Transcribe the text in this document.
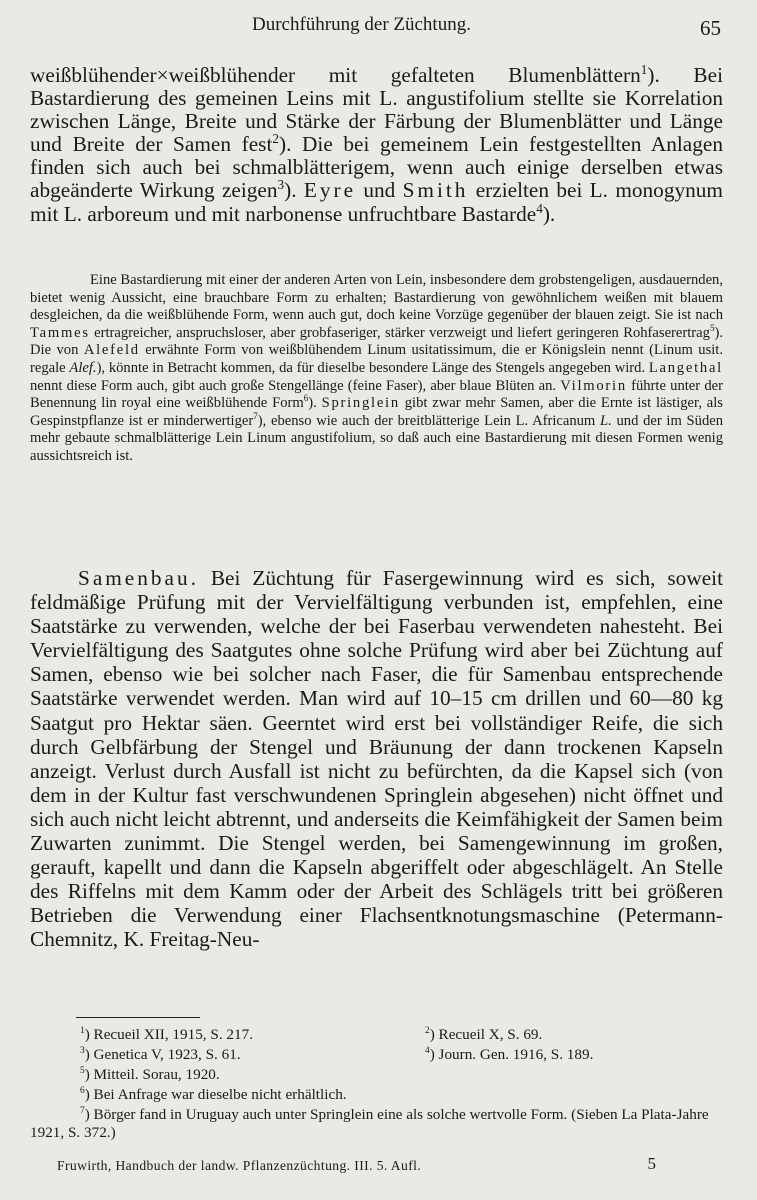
Durchführung der Züchtung.	65

weißblühender×weißblühender mit gefalteten Blumenblättern$^1$). Bei Bastardierung des gemeinen Leins mit L. angustifolium stellte sie Korrelation zwischen Länge, Breite und Stärke der Färbung der Blumenblätter und Länge und Breite der Samen fest$^2$). Die bei gemeinem Lein festgestellten Anlagen finden sich auch bei schmalblätterigem, wenn auch einige derselben etwas abgeänderte Wirkung zeigen$^3$). Eyre und Smith erzielten bei L. monogynum mit L. arboreum und mit narbonense unfruchtbare Bastarde$^4$).

Eine Bastardierung mit einer der anderen Arten von Lein, insbesondere dem grobstengeligen, ausdauernden, bietet wenig Aussicht, eine brauchbare Form zu erhalten; Bastardierung von gewöhnlichem weißen mit blauem desgleichen, da die weißblühende Form, wenn auch gut, doch keine Vorzüge gegenüber der blauen zeigt. Sie ist nach Tammes ertragreicher, anspruchsloser, aber grobfaseriger, stärker verzweigt und liefert geringeren Rohfaserertrag$^5$). Die von Alefeld erwähnte Form von weißblühendem Linum usitatissimum, die er Königslein nennt (Linum usit. regale Alef.), könnte in Betracht kommen, da für dieselbe besondere Länge des Stengels angegeben wird. Langethal nennt diese Form auch, gibt auch große Stengellänge (feine Faser), aber blaue Blüten an. Vilmorin führte unter der Benennung lin royal eine weißblühende Form$^6$). Springlein gibt zwar mehr Samen, aber die Ernte ist lästiger, als Gespinstpflanze ist er minderwertiger$^7$), ebenso wie auch der breitblätterige Lein L. Africanum L. und der im Süden mehr gebaute schmalblätterige Lein Linum angustifolium, so daß auch eine Bastardierung mit diesen Formen wenig aussichtsreich ist.

Samenbau. Bei Züchtung für Fasergewinnung wird es sich, soweit feldmäßige Prüfung mit der Vervielfältigung verbunden ist, empfehlen, eine Saatstärke zu verwenden, welche der bei Faserbau verwendeten nahesteht. Bei Vervielfältigung des Saatgutes ohne solche Prüfung wird aber bei Züchtung auf Samen, ebenso wie bei solcher nach Faser, die für Samenbau entsprechende Saatstärke verwendet werden. Man wird auf 10–15 cm drillen und 60—80 kg Saatgut pro Hektar säen. Geerntet wird erst bei vollständiger Reife, die sich durch Gelbfärbung der Stengel und Bräunung der dann trockenen Kapseln anzeigt. Verlust durch Ausfall ist nicht zu befürchten, da die Kapsel sich (von dem in der Kultur fast verschwundenen Springlein abgesehen) nicht öffnet und sich auch nicht leicht abtrennt, und anderseits die Keimfähigkeit der Samen beim Zuwarten zunimmt. Die Stengel werden, bei Samengewinnung im großen, gerauft, kapellt und dann die Kapseln abgeriffelt oder abgeschlägelt. An Stelle des Riffelns mit dem Kamm oder der Arbeit des Schlägels tritt bei größeren Betrieben die Verwendung einer Flachsentknotungsmaschine (Petermann-Chemnitz, K. Freitag-Neu-

$^1$) Recueil XII, 1915, S. 217.	$^2$) Recueil X, S. 69.
$^3$) Genetica V, 1923, S. 61.	$^4$) Journ. Gen. 1916, S. 189.
$^5$) Mitteil. Sorau, 1920.
$^6$) Bei Anfrage war dieselbe nicht erhältlich.
$^7$) Börger fand in Uruguay auch unter Springlein eine als solche wertvolle Form. (Sieben La Plata-Jahre 1921, S. 372.)
Fruwirth, Handbuch der landw. Pflanzenzüchtung. III. 5. Aufl.	5
